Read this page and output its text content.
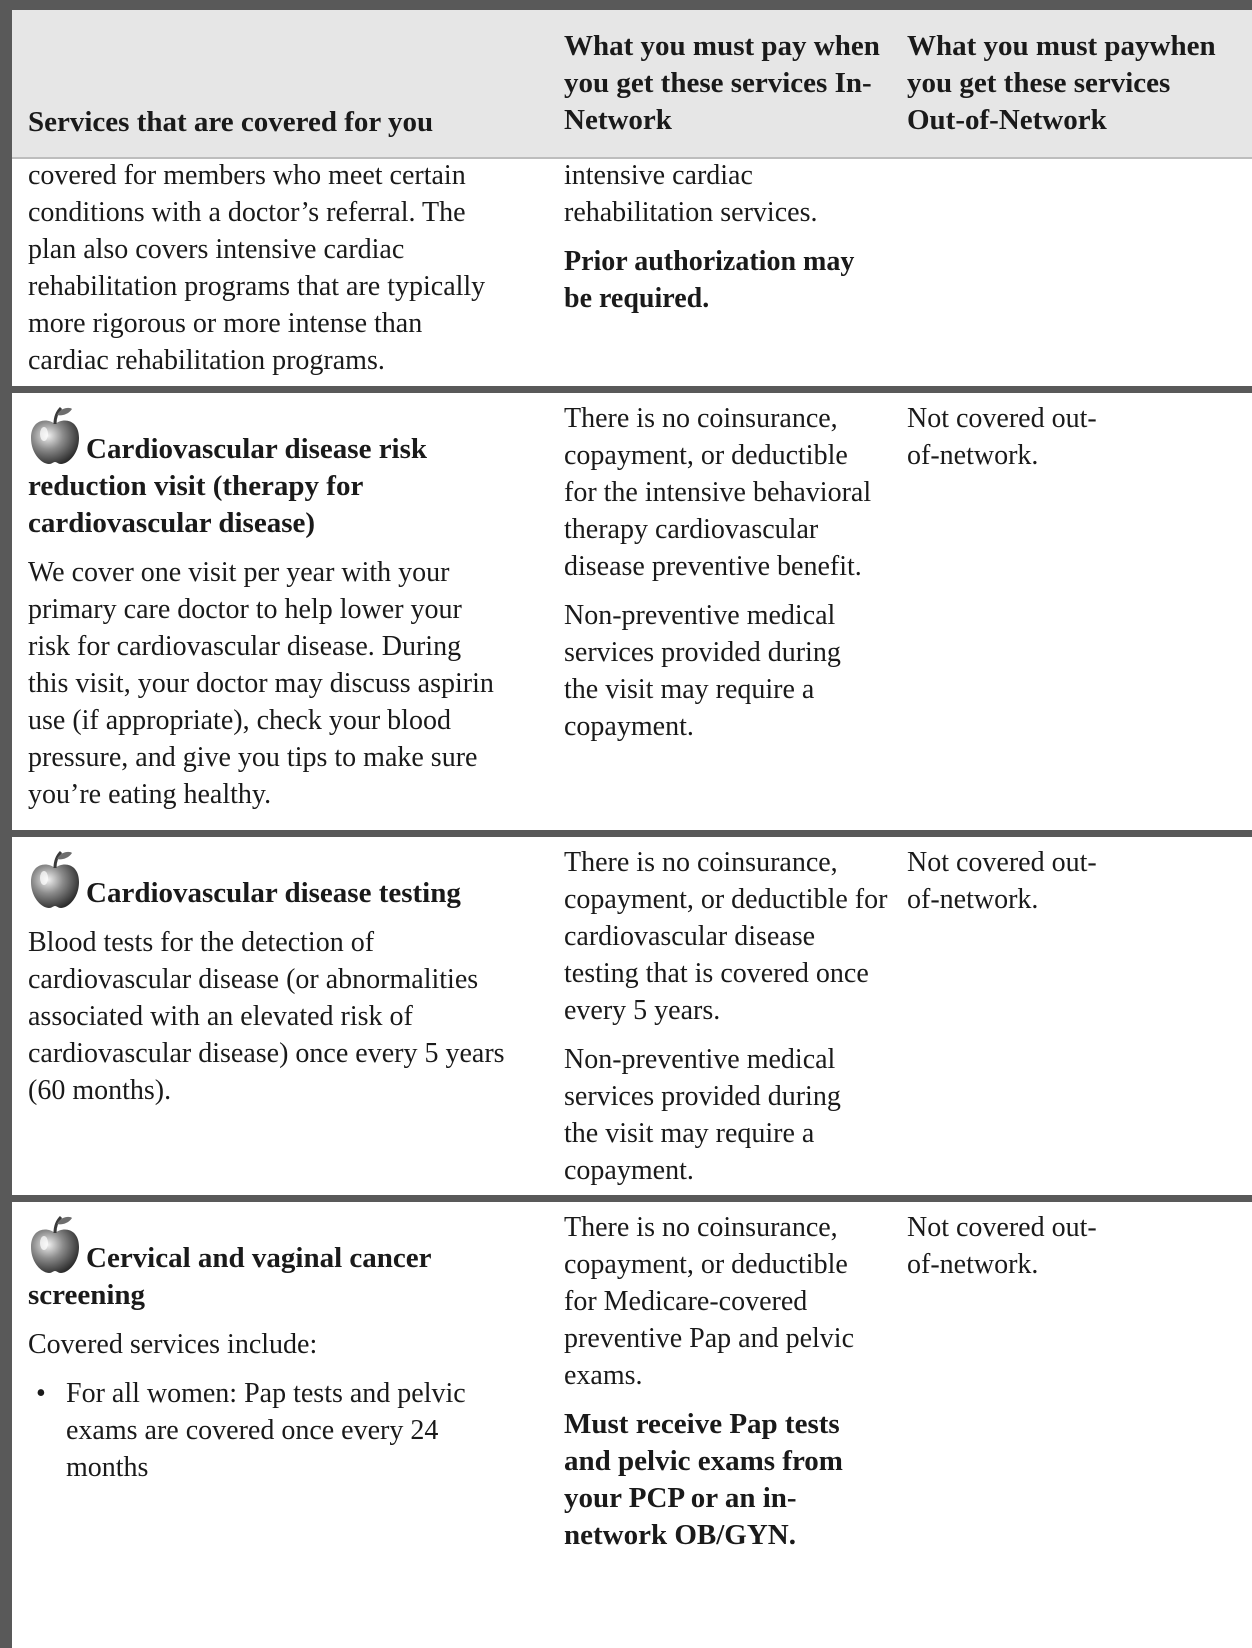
Services that are covered for you
What you must pay when you get these services In-Network
What you must paywhen
you get these services
Out-of-Network
covered for members who meet certain
conditions with a doctor’s referral. The
plan also covers intensive cardiac
rehabilitation programs that are typically
more rigorous or more intense than
cardiac rehabilitation programs.
intensive cardiac rehabilitation services.
Prior authorization may be required.
Cardiovascular disease risk
reduction visit (therapy for cardiovascular disease)
We cover one visit per year with your
primary care doctor to help lower your
risk for cardiovascular disease. During
this visit, your doctor may discuss aspirin
use (if appropriate), check your blood
pressure, and give you tips to make sure
you’re eating healthy.
There is no coinsurance, copayment, or deductible for the intensive behavioral therapy cardiovascular disease preventive benefit.
Non-preventive medical services provided during the visit may require a copayment.
Not covered out-of-network.
Cardiovascular disease testing
Blood tests for the detection of cardiovascular disease (or abnormalities associated with an elevated risk of cardiovascular disease) once every 5 years (60 months).
There is no coinsurance, copayment, or deductible for cardiovascular disease testing that is covered once every 5 years.
Non-preventive medical services provided during the visit may require a copayment.
Not covered out-of-network.
Cervical and vaginal cancer
screening
Covered services include:
• For all women: Pap tests and pelvic exams are covered once every 24 months
There is no coinsurance, copayment, or deductible for Medicare-covered preventive Pap and pelvic exams.
Must receive Pap tests and pelvic exams from your PCP or an in-network OB/GYN.
Not covered out-of-network.
